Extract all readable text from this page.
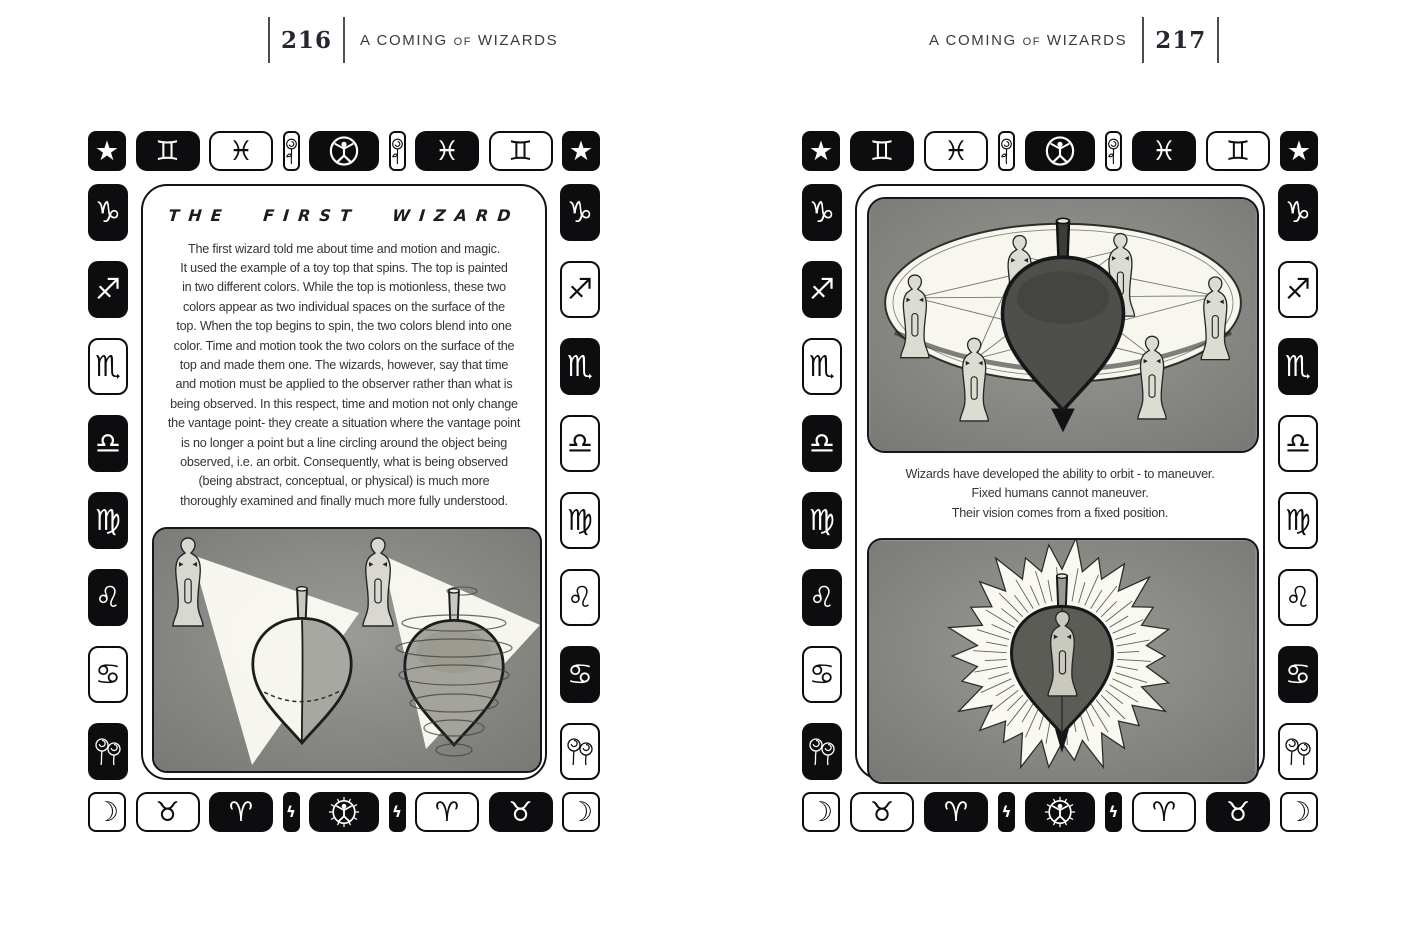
216 A COMING of WIZARDS	A COMING of WIZARDS 217
★ ♊ ♓	♓ ♊ ★
♑
♐
♏
♎
♍
♌
♋
THE FIRST WIZARD
The first wizard told me about time and motion and magic.
It used the example of a toy top that spins. The top is painted
in two different colors. While the top is motionless, these two
colors appear as two individual spaces on the surface of the
top. When the top begins to spin, the two colors blend into one
color. Time and motion took the two colors on the surface of the
top and made them one. The wizards, however, say that time
and motion must be applied to the observer rather than what is
being observed. In this respect, time and motion not only change
the vantage point- they create a situation where the vantage point
is no longer a point but a line circling around the object being
observed, i.e. an orbit. Consequently, what is being observed
(being abstract, conceptual, or physical) is much more
thoroughly examined and finally much more fully understood.
♑
♐
♏
♎
♍
♌
♋
☽ ♉ ♈ ϟ	ϟ ♈ ♉ ☽
★ ♊ ♓	♓ ♊ ★
♑
♐
♏
♎
♍
♌
♋
Wizards have developed the ability to orbit - to maneuver.
Fixed humans cannot maneuver.
Their vision comes from a fixed position.
♑
♐
♏
♎
♍
♌
♋
☽ ♉ ♈ ϟ	ϟ ♈ ♉ ☽
